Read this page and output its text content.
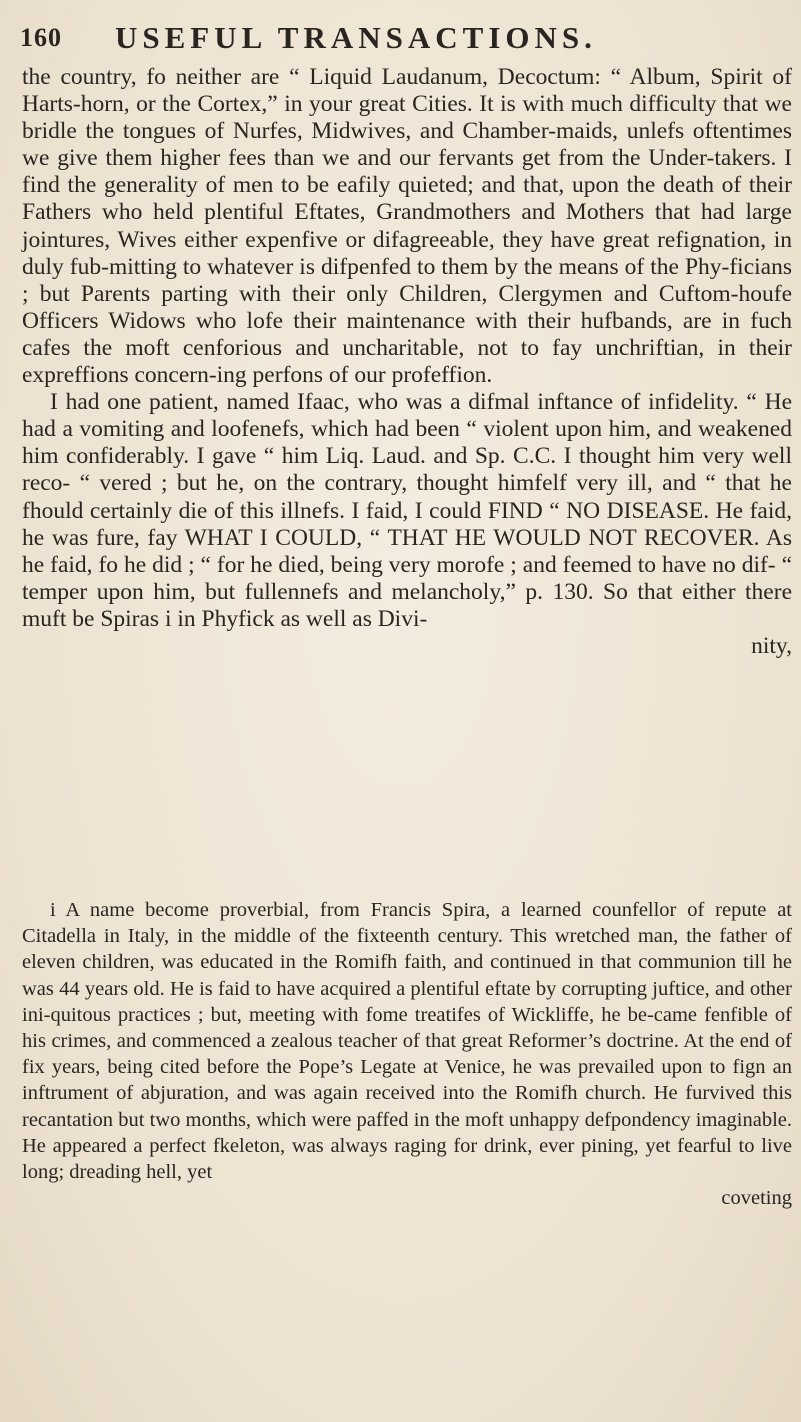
160 USEFUL TRANSACTIONS.

the country, fo neither are “ Liquid Laudanum, Decoctum: “ Album, Spirit of Harts-horn, or the Cortex,” in your great Cities. It is with much difficulty that we bridle the tongues of Nurfes, Midwives, and Chamber-maids, unlefs oftentimes we give them higher fees than we and our fervants get from the Under-takers. I find the generality of men to be eafily quieted; and that, upon the death of their Fathers who held plentiful Eftates, Grandmothers and Mothers that had large jointures, Wives either expenfive or difagreeable, they have great refignation, in duly fub-mitting to whatever is difpenfed to them by the means of the Phy-ficians ; but Parents parting with their only Children, Clergymen and Cuftom-houfe Officers Widows who lofe their maintenance with their hufbands, are in fuch cafes the moft cenforious and uncharitable, not to fay unchriftian, in their expreffions concern-ing perfons of our profeffion.

I had one patient, named Ifaac, who was a difmal inftance of infidelity. “ He had a vomiting and loofenefs, which had been “ violent upon him, and weakened him confiderably. I gave “ him Liq. Laud. and Sp. C.C. I thought him very well reco- “ vered ; but he, on the contrary, thought himfelf very ill, and “ that he fhould certainly die of this illnefs. I faid, I could FIND “ NO DISEASE. He faid, he was fure, fay WHAT I COULD, “ THAT HE WOULD NOT RECOVER. As he faid, fo he did ; “ for he died, being very morofe ; and feemed to have no dif- “ temper upon him, but fullennefs and melancholy,” p. 130. So that either there muft be Spiras i in Phyfick as well as Divi-

nity,

i A name become proverbial, from Francis Spira, a learned counfellor of repute at Citadella in Italy, in the middle of the fixteenth century. This wretched man, the father of eleven children, was educated in the Romifh faith, and continued in that communion till he was 44 years old. He is faid to have acquired a plentiful eftate by corrupting juftice, and other ini-quitous practices ; but, meeting with fome treatifes of Wickliffe, he be-came fenfible of his crimes, and commenced a zealous teacher of that great Reformer’s doctrine. At the end of fix years, being cited before the Pope’s Legate at Venice, he was prevailed upon to fign an inftrument of abjuration, and was again received into the Romifh church. He furvived this recantation but two months, which were paffed in the moft unhappy defpondency imaginable. He appeared a perfect fkeleton, was always raging for drink, ever pining, yet fearful to live long; dreading hell, yet

coveting
